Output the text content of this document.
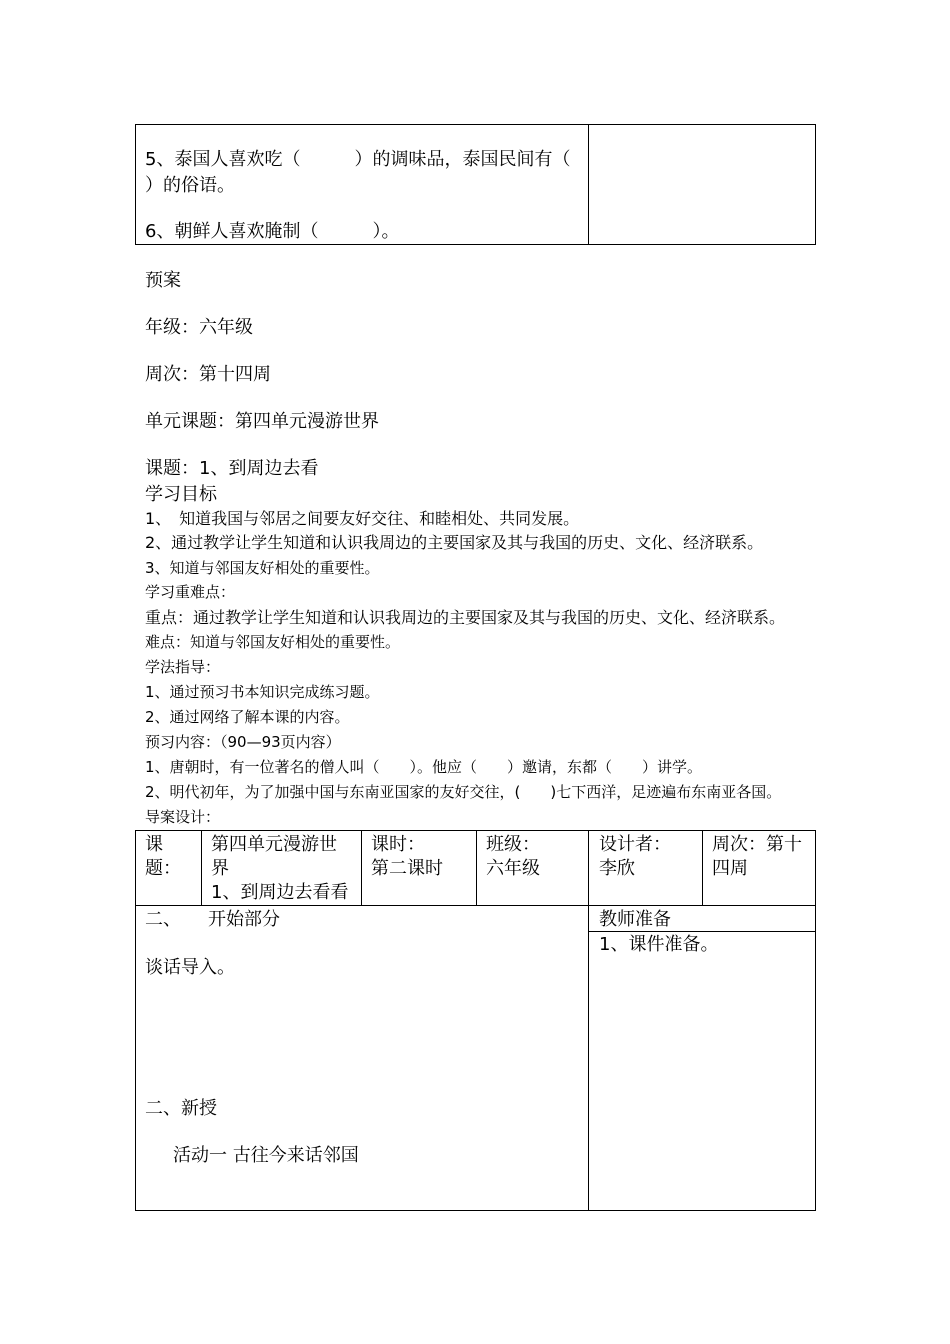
5、泰国人喜欢吃（　　　）的调味品，泰国民间有（
）的俗语。
6、朝鲜人喜欢腌制（　　　）。
预案
年级：六年级
周次：第十四周
单元课题：第四单元漫游世界
课题：1、到周边去看
学习目标
1、　知道我国与邻居之间要友好交往、和睦相处、共同发展。
2、通过教学让学生知道和认识我周边的主要国家及其与我国的历史、文化、经济联系。
3、知道与邻国友好相处的重要性。
学习重难点：
重点：通过教学让学生知道和认识我周边的主要国家及其与我国的历史、文化、经济联系。
难点：知道与邻国友好相处的重要性。
学法指导：
1、通过预习书本知识完成练习题。
2、通过网络了解本课的内容。
预习内容：（90—93页内容）
1、唐朝时，有一位著名的僧人叫（　　）。他应（　　）邀请，东都（　　）讲学。
2、明代初年，为了加强中国与东南亚国家的友好交往，(　　)七下西洋，足迹遍布东南亚各国。
导案设计：
课
题：
第四单元漫游世
界
1、到周边去看看
课时：
第二课时
班级：
六年级
设计者：
李欣
周次：第十
四周
二、　　开始部分
谈话导入。
二、新授
活动一 古往今来话邻国
教师准备
1、课件准备。
